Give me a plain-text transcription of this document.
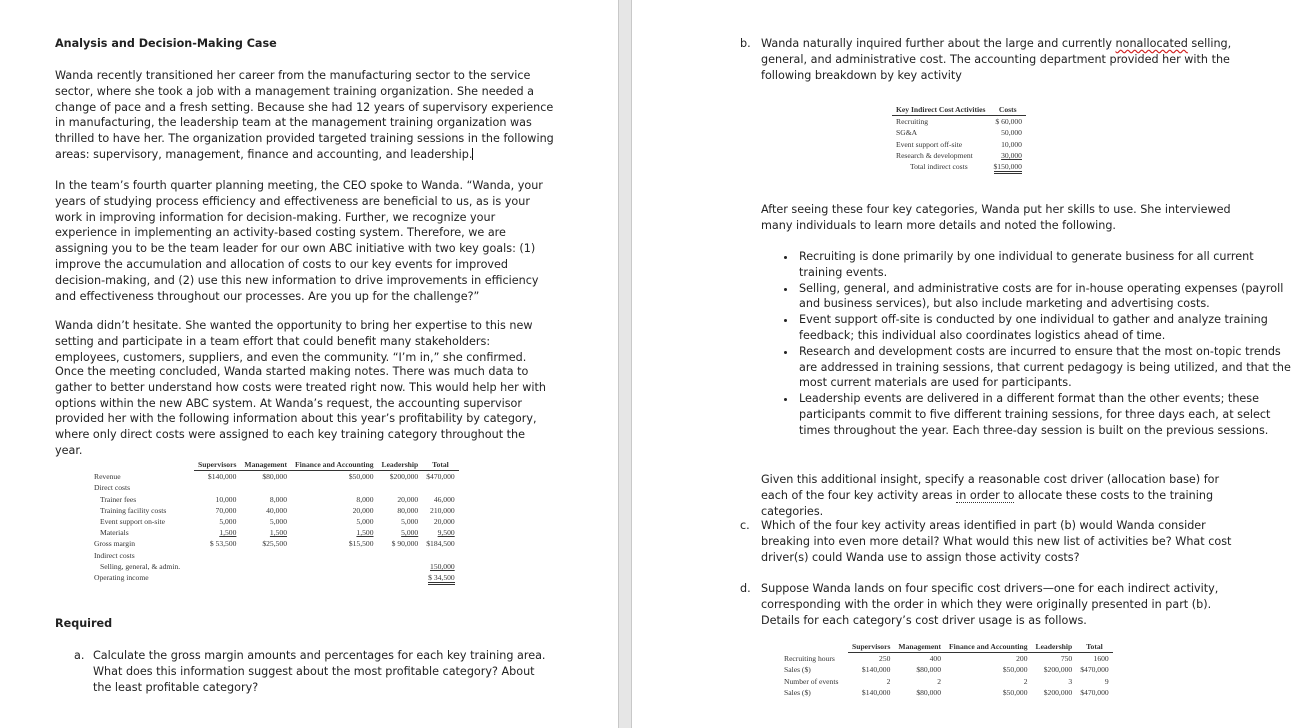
Analysis and Decision-Making Case

Wanda recently transitioned her career from the manufacturing sector to the service sector, where she took a job with a management training organization. She needed a change of pace and a fresh setting. Because she had 12 years of supervisory experience in manufacturing, the leadership team at the management training organization was thrilled to have her. The organization provided targeted training sessions in the following areas: supervisory, management, finance and accounting, and leadership.

In the team’s fourth quarter planning meeting, the CEO spoke to Wanda. “Wanda, your years of studying process efficiency and effectiveness are beneficial to us, as is your work in improving information for decision-making. Further, we recognize your experience in implementing an activity-based costing system. Therefore, we are assigning you to be the team leader for our own ABC initiative with two key goals: (1) improve the accumulation and allocation of costs to our key events for improved decision-making, and (2) use this new information to drive improvements in efficiency and effectiveness throughout our processes. Are you up for the challenge?”

Wanda didn’t hesitate. She wanted the opportunity to bring her expertise to this new setting and participate in a team effort that could benefit many stakeholders: employees, customers, suppliers, and even the community. “I’m in,” she confirmed.

Once the meeting concluded, Wanda started making notes. There was much data to gather to better understand how costs were treated right now. This would help her with options within the new ABC system. At Wanda’s request, the accounting supervisor provided her with the following information about this year’s profitability by category, where only direct costs were assigned to each key training category throughout the year.

	Supervisors	Management	Finance and Accounting	Leadership	Total
Revenue	$140,000	$80,000	$50,000	$200,000	$470,000
Direct costs					
Trainer fees	10,000	8,000	8,000	20,000	46,000
Training facility costs	70,000	40,000	20,000	80,000	210,000
Event support on-site	5,000	5,000	5,000	5,000	20,000
Materials	1,500	1,500	1,500	5,000	9,500
Gross margin	$ 53,500	$25,500	$15,500	$ 90,000	$184,500
Indirect costs					
Selling, general, & admin.					150,000
Operating income					$ 34,500

Required

a. Calculate the gross margin amounts and percentages for each key training area. What does this information suggest about the most profitable category? About the least profitable category?
b. Wanda naturally inquired further about the large and currently nonallocated selling, general, and administrative cost. The accounting department provided her with the following breakdown by key activity
Key Indirect Cost Activities	Costs
Recruiting	$ 60,000
SG&A	50,000
Event support off-site	10,000
Research & development	30,000
Total indirect costs	$150,000

After seeing these four key categories, Wanda put her skills to use. She interviewed many individuals to learn more details and noted the following.

• Recruiting is done primarily by one individual to generate business for all current training events.
• Selling, general, and administrative costs are for in-house operating expenses (payroll and business services), but also include marketing and advertising costs.
• Event support off-site is conducted by one individual to gather and analyze training feedback; this individual also coordinates logistics ahead of time.
• Research and development costs are incurred to ensure that the most on-topic trends are addressed in training sessions, that current pedagogy is being utilized, and that the most current materials are used for participants.
• Leadership events are delivered in a different format than the other events; these participants commit to five different training sessions, for three days each, at select times throughout the year. Each three-day session is built on the previous sessions.

Given this additional insight, specify a reasonable cost driver (allocation base) for each of the four key activity areas in order to allocate these costs to the training categories.

c. Which of the four key activity areas identified in part (b) would Wanda consider breaking into even more detail? What would this new list of activities be? What cost driver(s) could Wanda use to assign those activity costs?
d. Suppose Wanda lands on four specific cost drivers—one for each indirect activity, corresponding with the order in which they were originally presented in part (b). Details for each category’s cost driver usage is as follows.
	Supervisors	Management	Finance and Accounting	Leadership	Total
Recruiting hours	250	400	200	750	1600
Sales ($)	$140,000	$80,000	$50,000	$200,000	$470,000
Number of events	2	2	2	3	9
Sales ($)	$140,000	$80,000	$50,000	$200,000	$470,000
